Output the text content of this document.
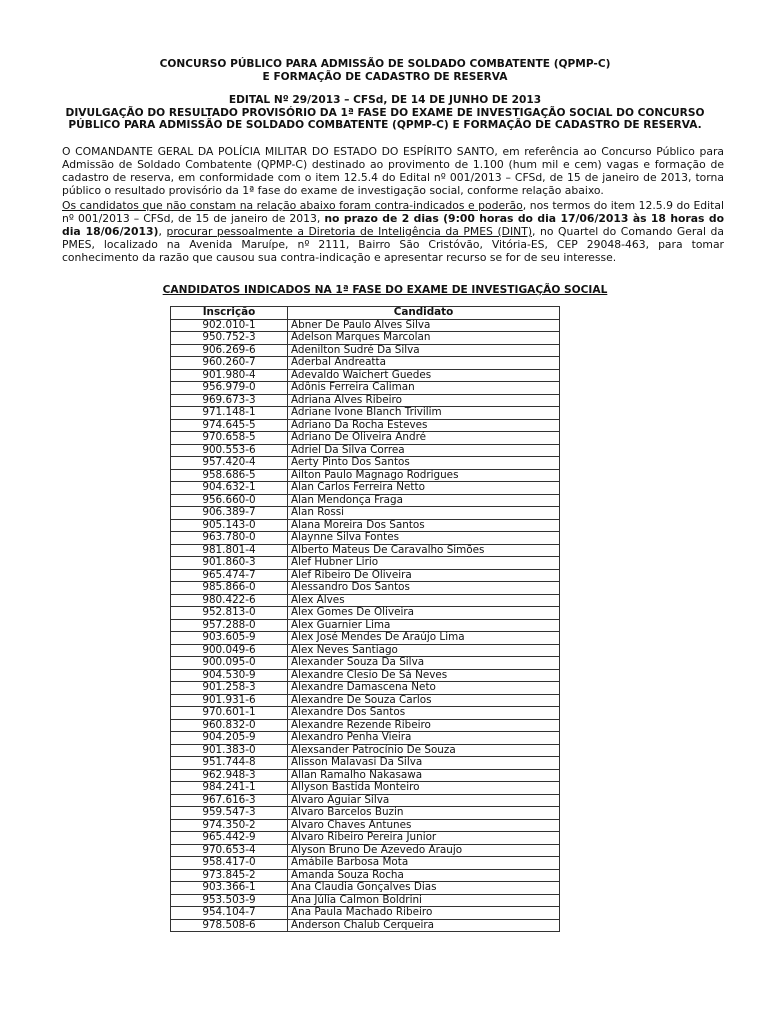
CONCURSO PÚBLICO PARA ADMISSÃO DE SOLDADO COMBATENTE (QPMP-C)
E FORMAÇÃO DE CADASTRO DE RESERVA
EDITAL Nº 29/2013 – CFSd, DE 14 DE JUNHO DE 2013
DIVULGAÇÃO DO RESULTADO PROVISÓRIO DA 1ª FASE DO EXAME DE INVESTIGAÇÃO SOCIAL DO CONCURSO
PÚBLICO PARA ADMISSÃO DE SOLDADO COMBATENTE (QPMP-C) E FORMAÇÃO DE CADASTRO DE RESERVA.

O COMANDANTE GERAL DA POLÍCIA MILITAR DO ESTADO DO ESPÍRITO SANTO, em referência ao Concurso Público para Admissão de Soldado Combatente (QPMP-C) destinado ao provimento de 1.100 (hum mil e cem) vagas e formação de cadastro de reserva, em conformidade com o item 12.5.4 do Edital nº 001/2013 – CFSd, de 15 de janeiro de 2013, torna público o resultado provisório da 1ª fase do exame de investigação social, conforme relação abaixo.

Os candidatos que não constam na relação abaixo foram contra-indicados e poderão, nos termos do item 12.5.9 do Edital nº 001/2013 – CFSd, de 15 de janeiro de 2013, no prazo de 2 dias (9:00 horas do dia 17/06/2013 às 18 horas do dia 18/06/2013), procurar pessoalmente a Diretoria de Inteligência da PMES (DINT), no Quartel do Comando Geral da PMES, localizado na Avenida Maruípe, nº 2111, Bairro São Cristóvão, Vitória-ES, CEP 29048-463, para tomar conhecimento da razão que causou sua contra-indicação e apresentar recurso se for de seu interesse.

CANDIDATOS INDICADOS NA 1ª FASE DO EXAME DE INVESTIGAÇÃO SOCIAL
Inscrição	Candidato
902.010-1	Abner De Paulo Alves Silva
950.752-3	Adelson Marques Marcolan
906.269-6	Adenilton Sudré Da Silva
960.260-7	Aderbal Andreatta
901.980-4	Adevaldo Waichert Guedes
956.979-0	Adônis Ferreira Caliman
969.673-3	Adriana Alves Ribeiro
971.148-1	Adriane Ivone Blanch Trivilim
974.645-5	Adriano Da Rocha Esteves
970.658-5	Adriano De Oliveira André
900.553-6	Adriel Da Silva Correa
957.420-4	Aerty Pinto Dos Santos
958.686-5	Ailton Paulo Magnago Rodrigues
904.632-1	Alan Carlos Ferreira Netto
956.660-0	Alan Mendonça Fraga
906.389-7	Alan Rossi
905.143-0	Alana Moreira Dos Santos
963.780-0	Alaynne Silva Fontes
981.801-4	Alberto Mateus De Caravalho Simões
901.860-3	Alef Hubner Lirio
965.474-7	Alef Ribeiro De Oliveira
985.866-0	Alessandro Dos Santos
980.422-6	Alex Alves
952.813-0	Alex Gomes De Oliveira
957.288-0	Alex Guarnier Lima
903.605-9	Alex José Mendes De Araújo Lima
900.049-6	Alex Neves Santiago
900.095-0	Alexander Souza Da Silva
904.530-9	Alexandre Clesio De Sá Neves
901.258-3	Alexandre Damascena Neto
901.931-6	Alexandre De Souza Carlos
970.601-1	Alexandre Dos Santos
960.832-0	Alexandre Rezende Ribeiro
904.205-9	Alexandro Penha Vieira
901.383-0	Alexsander Patrocínio De Souza
951.744-8	Alisson Malavasi Da Silva
962.948-3	Allan Ramalho Nakasawa
984.241-1	Allyson Bastida Monteiro
967.616-3	Alvaro Aguiar Silva
959.547-3	Alvaro Barcelos Buzin
974.350-2	Alvaro Chaves Antunes
965.442-9	Alvaro Ribeiro Pereira Junior
970.653-4	Alyson Bruno De Azevedo Araujo
958.417-0	Amábile Barbosa Mota
973.845-2	Amanda Souza Rocha
903.366-1	Ana Claudia Gonçalves Dias
953.503-9	Ana Júlia Calmon Boldrini
954.104-7	Ana Paula Machado Ribeiro
978.508-6	Anderson Chalub Cerqueira
